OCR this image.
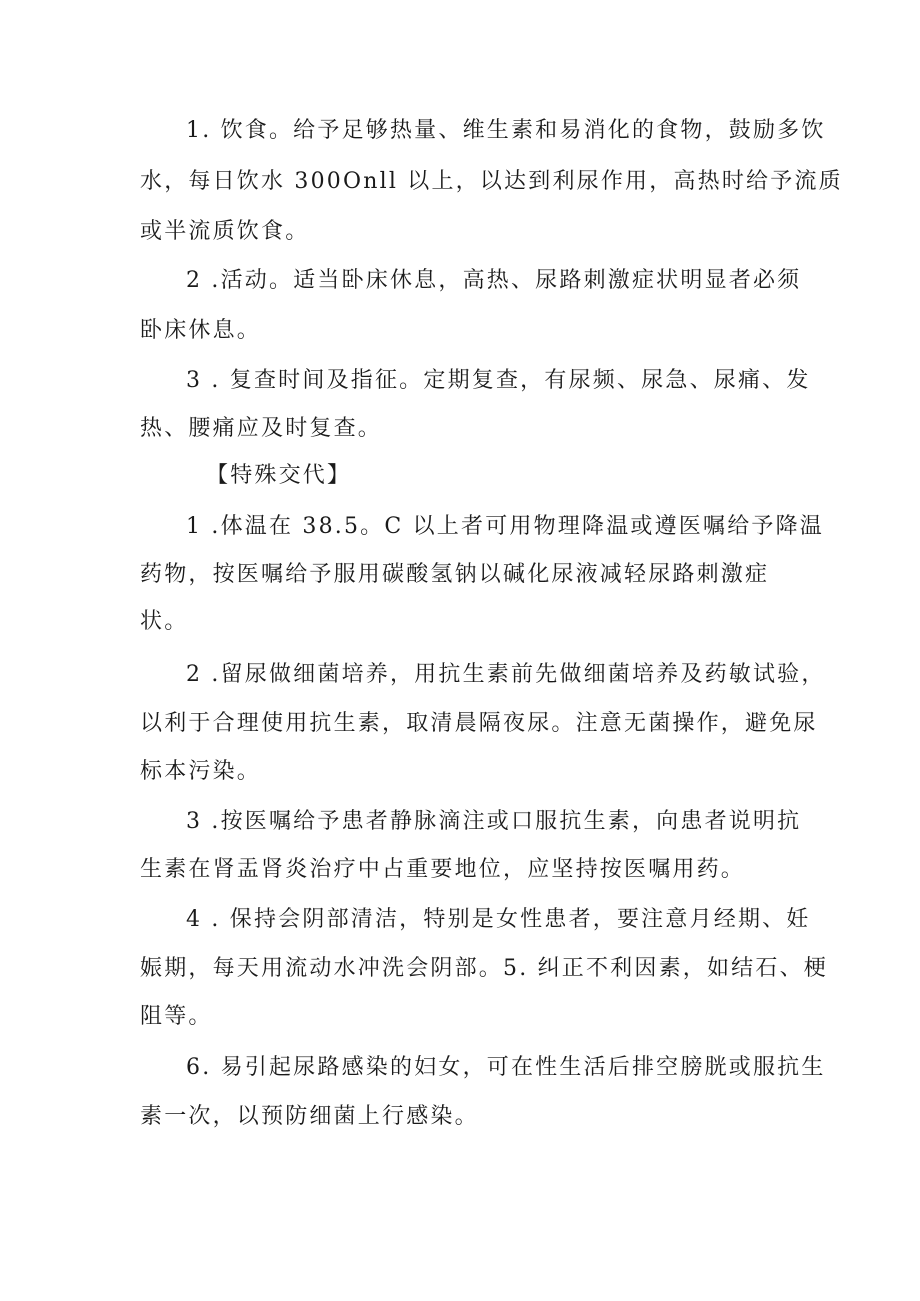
1. 饮食。给予足够热量、维生素和易消化的食物，鼓励多饮
水，每日饮水 300Onll 以上，以达到利尿作用，高热时给予流质
或半流质饮食。
2 .活动。适当卧床休息，高热、尿路刺激症状明显者必须
卧床休息。
3 . 复查时间及指征。定期复查，有尿频、尿急、尿痛、发
热、腰痛应及时复查。
【特殊交代】
1 .体温在 38.5。C 以上者可用物理降温或遵医嘱给予降温
药物，按医嘱给予服用碳酸氢钠以碱化尿液减轻尿路刺激症
状。
2 .留尿做细菌培养，用抗生素前先做细菌培养及药敏试验，
以利于合理使用抗生素，取清晨隔夜尿。注意无菌操作，避免尿
标本污染。
3 .按医嘱给予患者静脉滴注或口服抗生素，向患者说明抗
生素在肾盂肾炎治疗中占重要地位，应坚持按医嘱用药。
4 . 保持会阴部清洁，特别是女性患者，要注意月经期、妊
娠期，每天用流动水冲洗会阴部。5. 纠正不利因素，如结石、梗
阻等。
6. 易引起尿路感染的妇女，可在性生活后排空膀胱或服抗生
素一次，以预防细菌上行感染。
